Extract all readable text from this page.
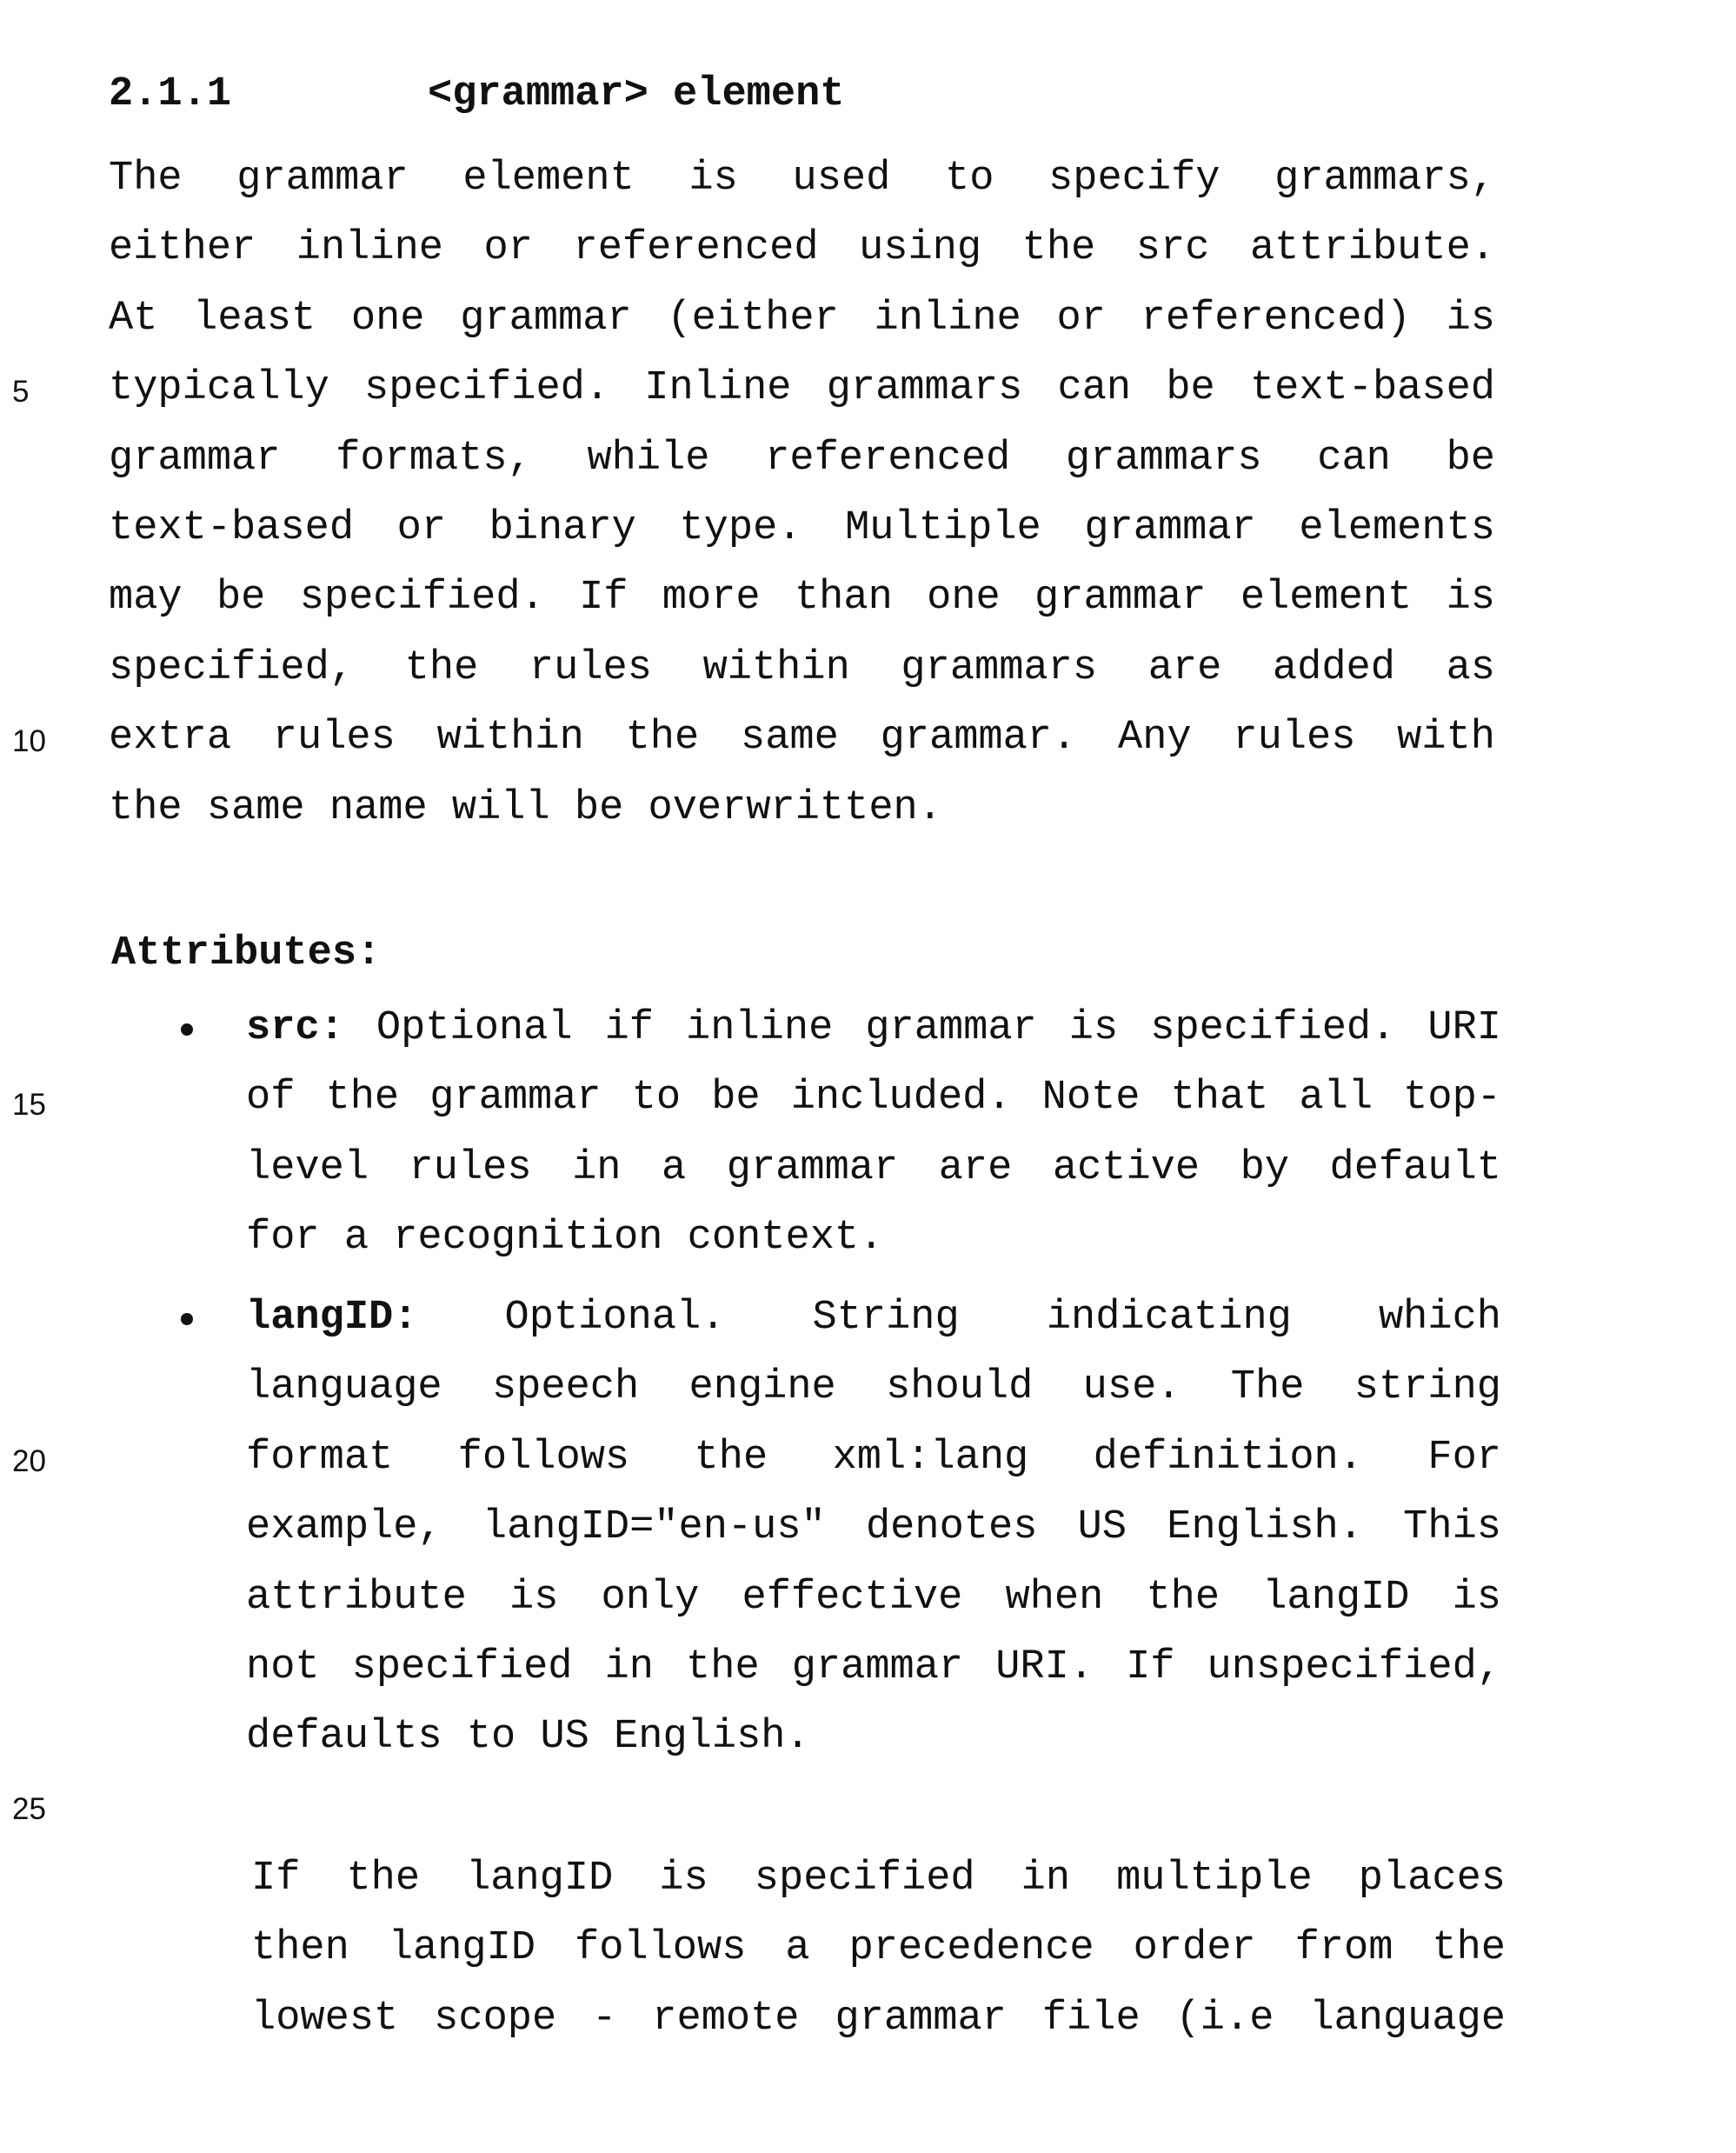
2.1.1	<grammar> element
The grammar element is used to specify grammars,
either inline or referenced using the src attribute.
At least one grammar (either inline or referenced) is
typically specified. Inline grammars can be text-based
grammar formats, while referenced grammars can be
text-based or binary type. Multiple grammar elements
may be specified. If more than one grammar element is
specified, the rules within grammars are added as
extra rules within the same grammar. Any rules with
the same name will be overwritten.
Attributes:
src: Optional if inline grammar is specified. URI
of the grammar to be included. Note that all top-
level rules in a grammar are active by default
for a recognition context.
langID: Optional. String indicating which
language speech engine should use. The string
format follows the xml:lang definition. For
example, langID=″en-us″ denotes US English. This
attribute is only effective when the langID is
not specified in the grammar URI. If unspecified,
defaults to US English.
If the langID is specified in multiple places
then langID follows a precedence order from the
lowest scope - remote grammar file (i.e language
5
10
15
20
25
